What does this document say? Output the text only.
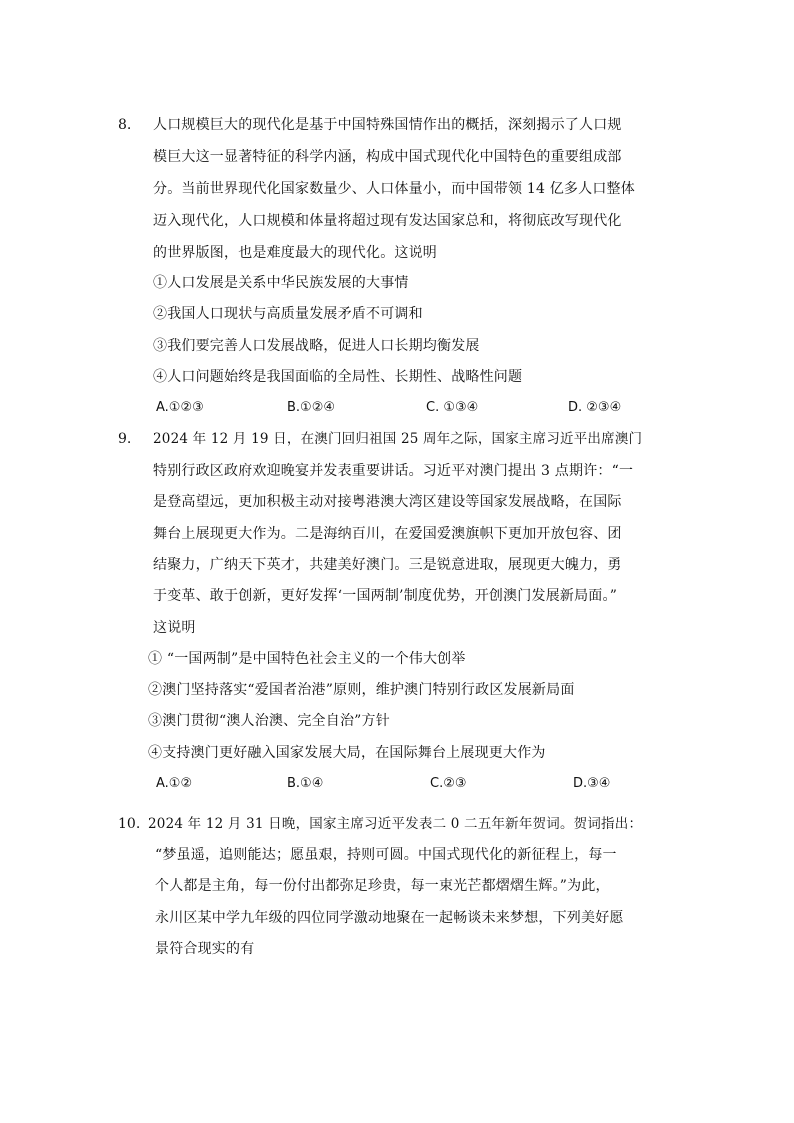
8. 人口规模巨大的现代化是基于中国特殊国情作出的概括，深刻揭示了人口规
模巨大这一显著特征的科学内涵，构成中国式现代化中国特色的重要组成部
分。当前世界现代化国家数量少、人口体量小，而中国带领 14 亿多人口整体
迈入现代化，人口规模和体量将超过现有发达国家总和，将彻底改写现代化
的世界版图，也是难度最大的现代化。这说明
①人口发展是关系中华民族发展的大事情
②我国人口现状与高质量发展矛盾不可调和
③我们要完善人口发展战略，促进人口长期均衡发展
④人口问题始终是我国面临的全局性、长期性、战略性问题
A.①②③	B.①②④	C. ①③④	D. ②③④
9. 2024 年 12 月 19 日，在澳门回归祖国 25 周年之际，国家主席习近平出席澳门
特别行政区政府欢迎晚宴并发表重要讲话。习近平对澳门提出 3 点期许：“一
是登高望远，更加积极主动对接粤港澳大湾区建设等国家发展战略，在国际
舞台上展现更大作为。二是海纳百川，在爱国爱澳旗帜下更加开放包容、团
结聚力，广纳天下英才，共建美好澳门。三是锐意进取，展现更大魄力，勇
于变革、敢于创新，更好发挥‘一国两制’制度优势，开创澳门发展新局面。”
这说明
① “一国两制”是中国特色社会主义的一个伟大创举
②澳门坚持落实“爱国者治港”原则，维护澳门特别行政区发展新局面
③澳门贯彻“澳人治澳、完全自治”方针
④支持澳门更好融入国家发展大局，在国际舞台上展现更大作为
A.①②	B.①④	C.②③	D.③④
10. 2024 年 12 月 31 日晚，国家主席习近平发表二 0 二五年新年贺词。贺词指出：
“梦虽遥，追则能达；愿虽艰，持则可圆。中国式现代化的新征程上，每一
个人都是主角，每一份付出都弥足珍贵，每一束光芒都熠熠生辉。”为此，
永川区某中学九年级的四位同学激动地聚在一起畅谈未来梦想，下列美好愿
景符合现实的有
